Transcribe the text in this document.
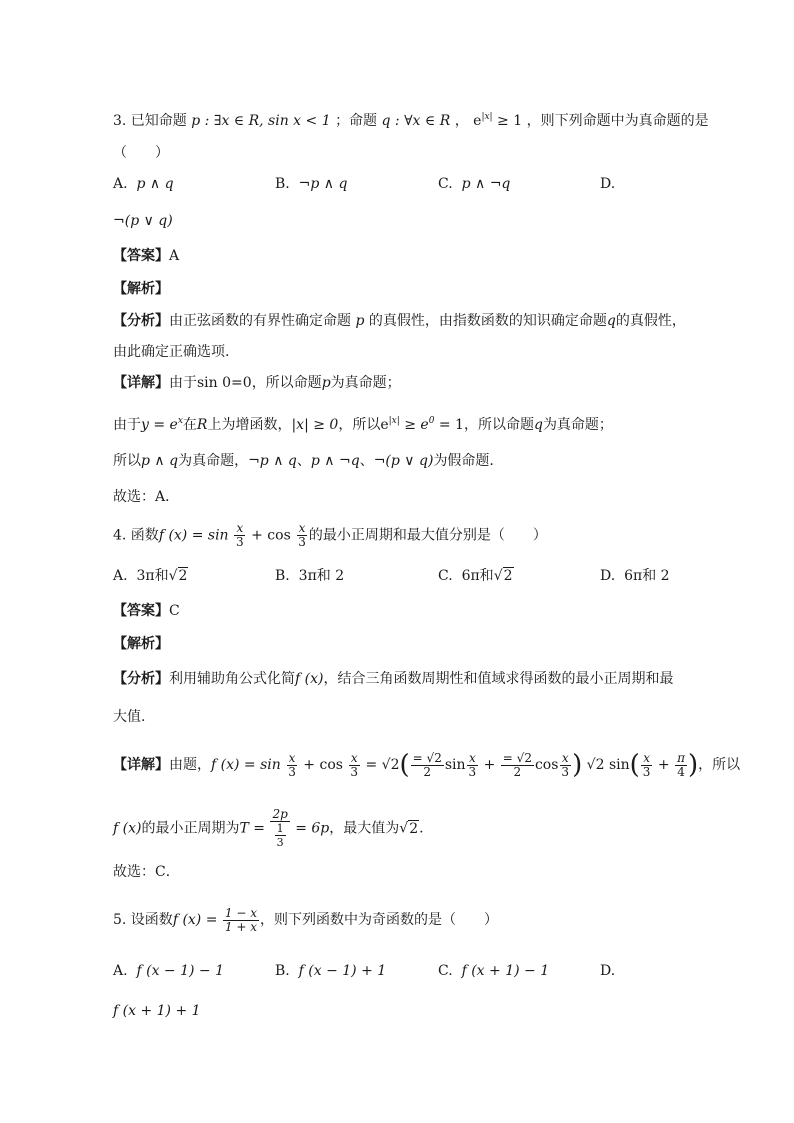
3. 已知命题 p : ∃x ∈ R, sin x < 1 ；命题 q : ∀x ∈ R ， $e^{|x|} \ge 1$ ，则下列命题中为真命题的是
（　　）
A. p ∧ q	B. ¬p ∧ q	C. p ∧ ¬q	D.
¬(p ∨ q)
【答案】A
【解析】
【分析】由正弦函数的有界性确定命题 p 的真假性，由指数函数的知识确定命题q的真假性，
由此确定正确选项.
【详解】由于sin 0=0，所以命题p为真命题；
由于$y = e^x$在R上为增函数，|x| ≥ 0，所以$e^{|x|} \ge e^0 = 1$，所以命题q为真命题；
所以p ∧ q为真命题，¬p ∧ q、p ∧ ¬q、¬(p ∨ q)为假命题.
故选：A．
4. 函数f $(x) = \sin \frac{x}{3} + \cos \frac{x}{3}$ 的最小正周期和最大值分别是（　　）
A. 3π和√2	B. 3π和 2	C. 6π和√2	D. 6π和 2
【答案】C
【解析】
【分析】利用辅助角公式化简f (x)，结合三角函数周期性和值域求得函数的最小正周期和最
大值.
【详解】由题，f $(x) = \sin \frac{x}{3} + \cos \frac{x}{3} = √2( \frac{= √2}{2}$ $\sin \frac{x}{3} + \frac{= √2}{2}$ $\cos \frac{x}{3}$ ) √2 $\sin( \frac{x}{3} + \frac{\pi}{4}$ )，所以
f (x)的最小正周期为$T = \frac{2p}{\frac{1}{3}} = 6p$，最大值为√2.
故选：C．
5. 设函数f $(x) = \frac{1 - x}{1 + x}$ ，则下列函数中为奇函数的是（　　）
A. f (x − 1) − 1	B. f (x − 1) + 1	C. f (x + 1) − 1	D.
f (x + 1) + 1
